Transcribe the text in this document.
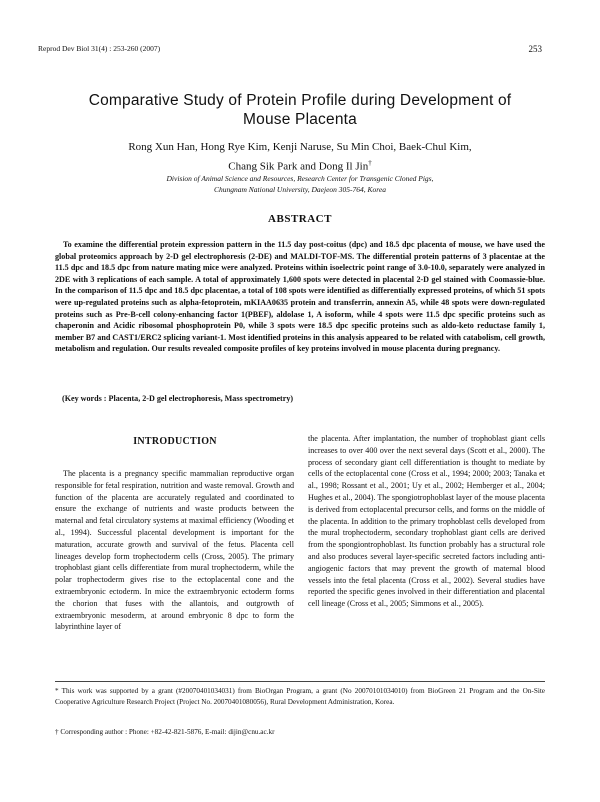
Reprod Dev Biol 31(4) : 253-260 (2007)	253
Comparative Study of Protein Profile during Development of
Mouse Placenta
Rong Xun Han, Hong Rye Kim, Kenji Naruse, Su Min Choi, Baek-Chul Kim,
Chang Sik Park and Dong Il Jin†
Division of Animal Science and Resources, Research Center for Transgenic Cloned Pigs,
Chungnam National University, Daejeon 305-764, Korea
ABSTRACT

To examine the differential protein expression pattern in the 11.5 day post-coitus (dpc) and 18.5 dpc placenta of mouse, we have used the global proteomics approach by 2-D gel electrophoresis (2-DE) and MALDI-TOF-MS. The differential protein patterns of 3 placentae at the 11.5 dpc and 18.5 dpc from nature mating mice were analyzed. Proteins within isoelectric point range of 3.0-10.0, separately were analyzed in 2DE with 3 replications of each sample. A total of approximately 1,600 spots were detected in placental 2-D gel stained with Coomassie-blue. In the comparison of 11.5 dpc and 18.5 dpc placentae, a total of 108 spots were identified as differentially expressed proteins, of which 51 spots were up-regulated proteins such as alpha-fetoprotein, mKIAA0635 protein and transferrin, annexin A5, while 48 spots were down-regulated proteins such as Pre-B-cell colony-enhancing factor 1(PBEF), aldolase 1, A isoform, while 4 spots were 11.5 dpc specific proteins such as chaperonin and Acidic ribosomal phosphoprotein P0, while 3 spots were 18.5 dpc specific proteins such as aldo-keto reductase family 1, member B7 and CAST1/ERC2 splicing variant-1. Most identified proteins in this analysis appeared to be related with catabolism, cell growth, metabolism and regulation. Our results revealed composite profiles of key proteins involved in mouse placenta during pregnancy.

(Key words : Placenta, 2-D gel electrophoresis, Mass spectrometry)
INTRODUCTION

The placenta is a pregnancy specific mammalian reproductive organ responsible for fetal respiration, nutrition and waste removal. Growth and function of the placenta are accurately regulated and coordinated to ensure the exchange of nutrients and waste products between the maternal and fetal circulatory systems at maximal efficiency (Wooding et al., 1994). Successful placental development is important for the maturation, accurate growth and survival of the fetus. Placenta cell lineages develop form trophectoderm cells (Cross, 2005). The primary trophoblast giant cells differentiate from mural trophectoderm, while the polar trophectoderm gives rise to the ectoplacental cone and the extraembryonic ectoderm. In mice the extraembryonic ectoderm forms the chorion that fuses with the allantois, and outgrowth of extraembryonic mesoderm, at around embryonic 8 dpc to form the labyrinthine layer of

the placenta. After implantation, the number of trophoblast giant cells increases to over 400 over the next several days (Scott et al., 2000). The process of secondary giant cell differentiation is thought to mediate by cells of the ectoplacental cone (Cross et al., 1994; 2000; 2003; Tanaka et al., 1998; Rossant et al., 2001; Uy et al., 2002; Hemberger et al., 2004; Hughes et al., 2004). The spongiotrophoblast layer of the mouse placenta is derived from ectoplacental precursor cells, and forms on the middle of the placenta. In addition to the primary trophoblast cells developed from the mural trophectoderm, secondary trophoblast giant cells are derived from the spongiontrophoblast. Its function probably has a structural role and also produces several layer-specific secreted factors including anti-angiogenic factors that may prevent the growth of maternal blood vessels into the fetal placenta (Cross et al., 2002). Several studies have reported the specific genes involved in their differentiation and placental cell lineage (Cross et al., 2005; Simmons et al., 2005).

* This work was supported by a grant (#20070401034031) from BioOrgan Program, a grant (No 20070101034010) from BioGreen 21 Program and the On-Site Cooperative Agriculture Research Project (Project No. 20070401080056), Rural Development Administration, Korea.

† Corresponding author : Phone: +82-42-821-5876, E-mail: dijin@cnu.ac.kr
